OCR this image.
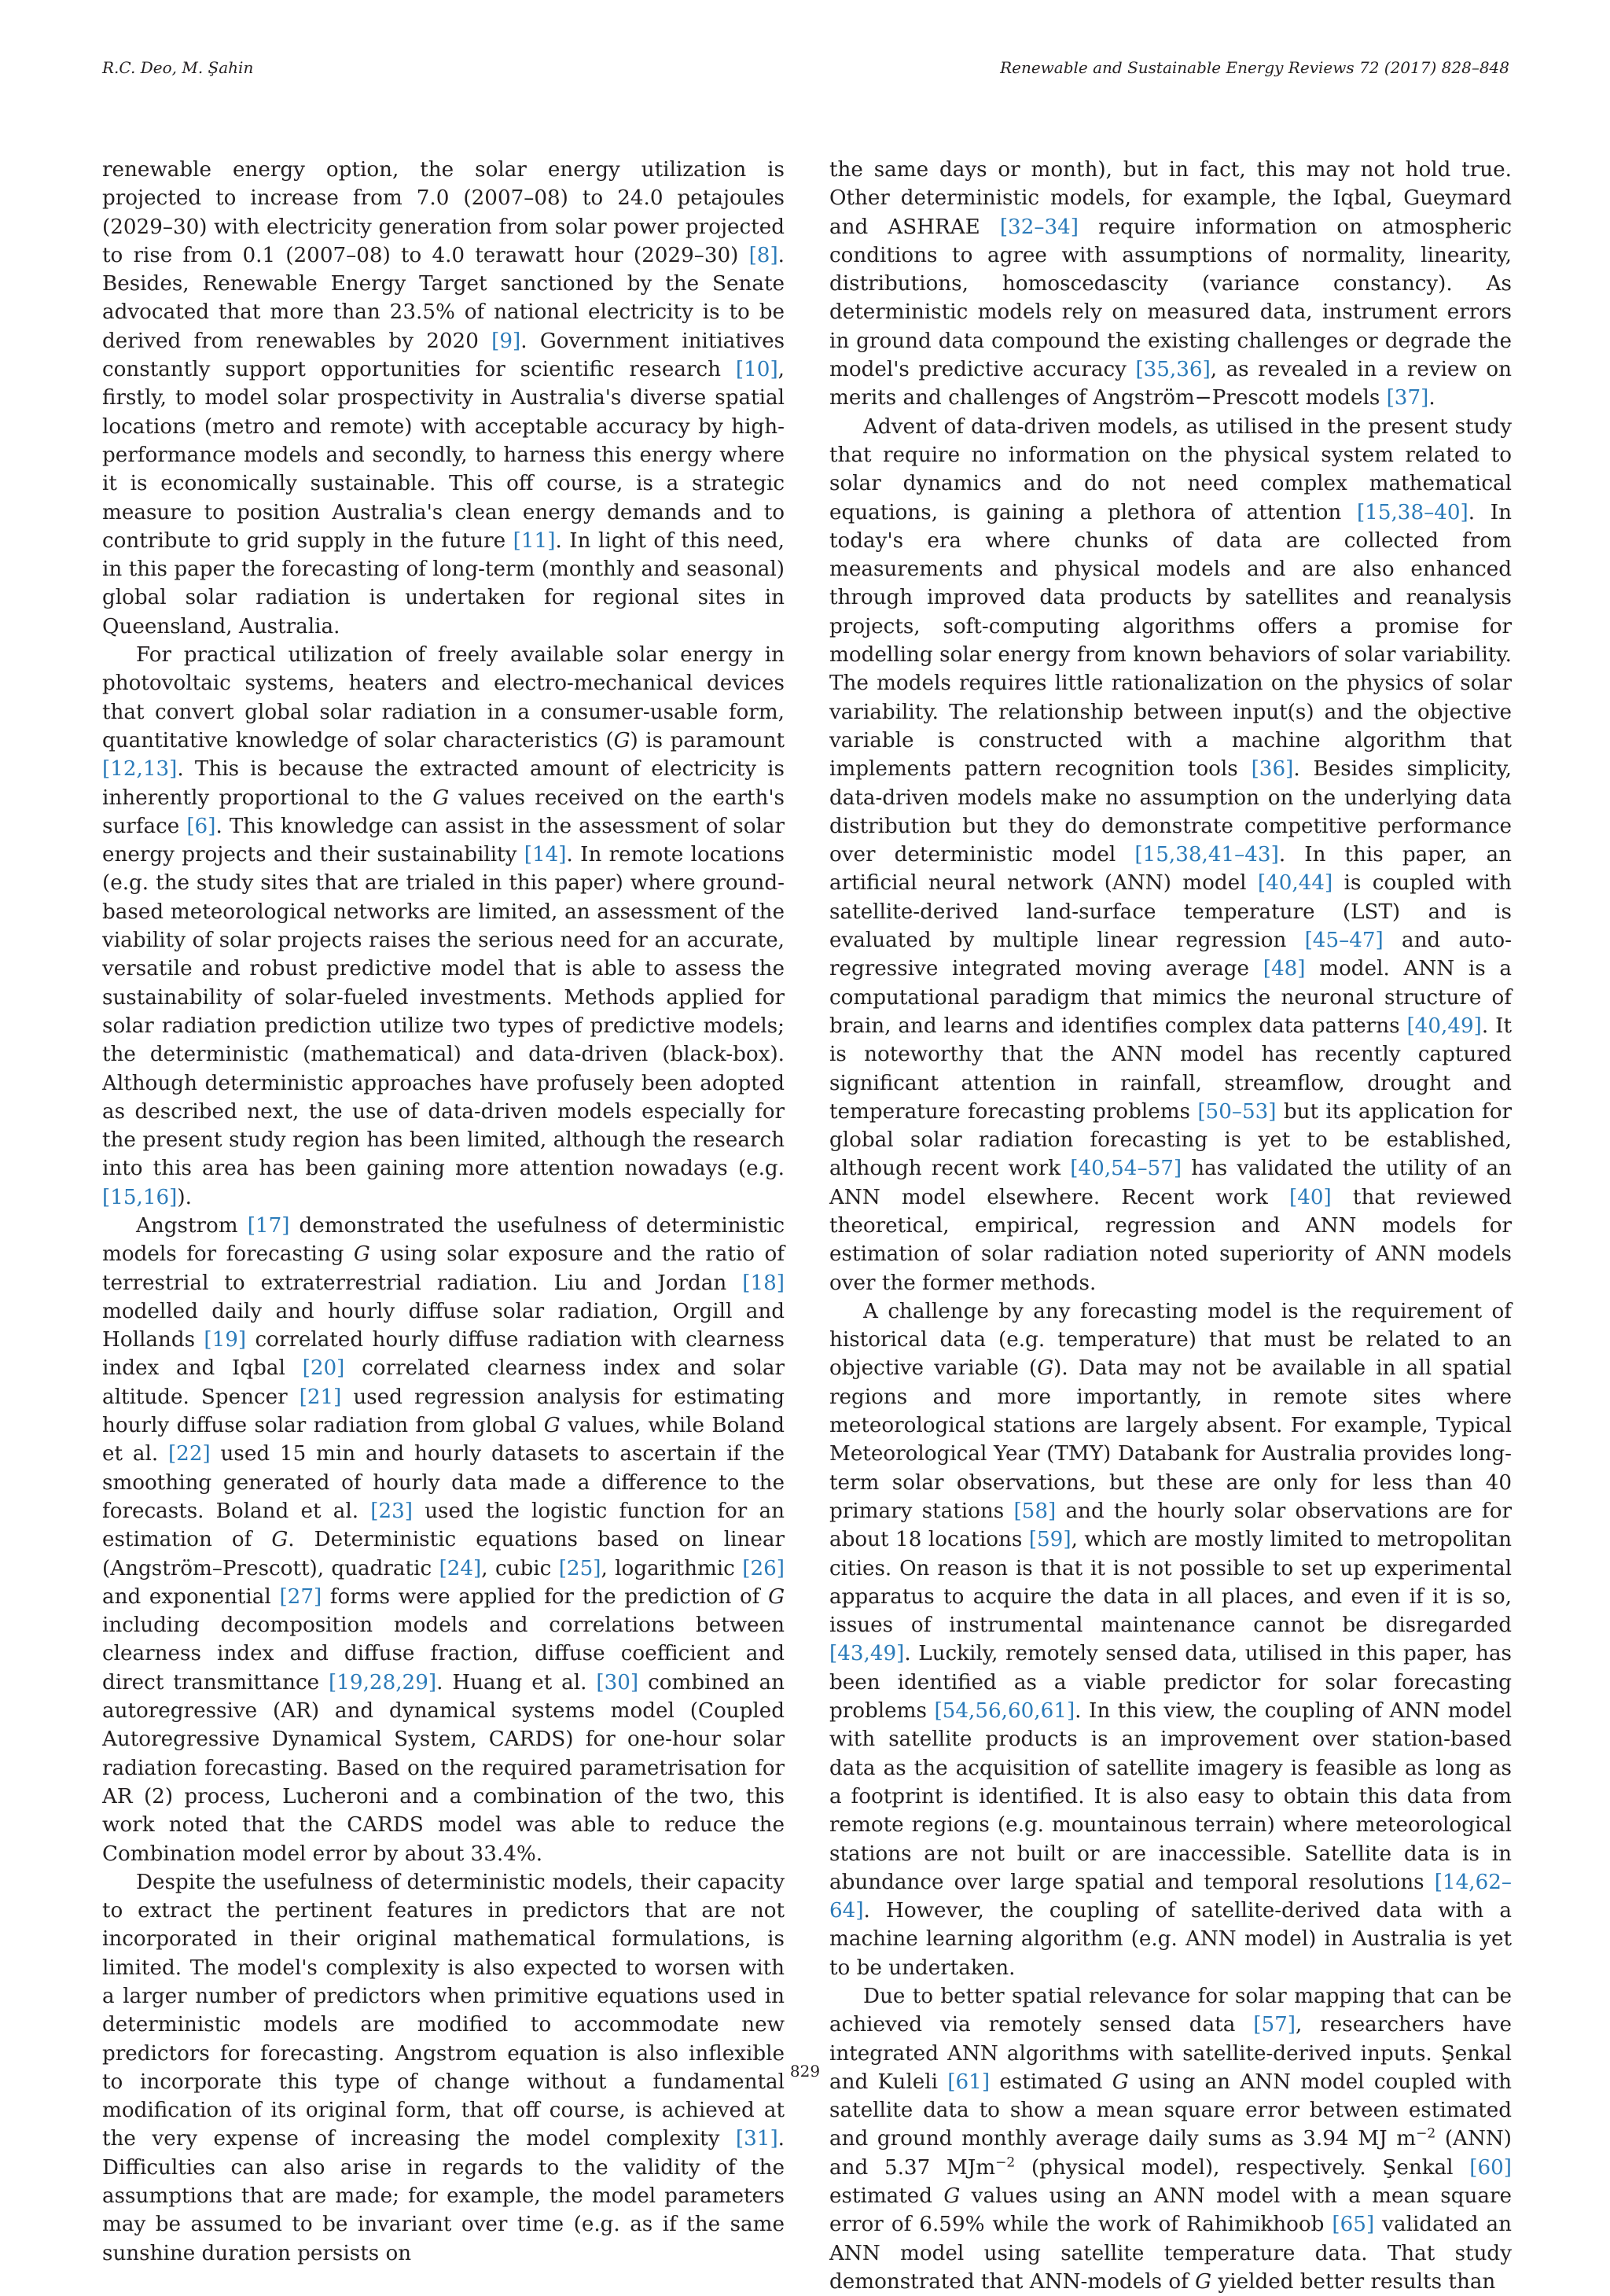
R.C. Deo, M. Şahin	Renewable and Sustainable Energy Reviews 72 (2017) 828–848

renewable energy option, the solar energy utilization is projected to increase from 7.0 (2007–08) to 24.0 petajoules (2029–30) with electricity generation from solar power projected to rise from 0.1 (2007–08) to 4.0 terawatt hour (2029–30) [8]. Besides, Renewable Energy Target sanctioned by the Senate advocated that more than 23.5% of national electricity is to be derived from renewables by 2020 [9]. Government initiatives constantly support opportunities for scientific research [10], firstly, to model solar prospectivity in Australia's diverse spatial locations (metro and remote) with acceptable accuracy by high-performance models and secondly, to harness this energy where it is economically sustainable. This off course, is a strategic measure to position Australia's clean energy demands and to contribute to grid supply in the future [11]. In light of this need, in this paper the forecasting of long-term (monthly and seasonal) global solar radiation is undertaken for regional sites in Queensland, Australia.

For practical utilization of freely available solar energy in photovoltaic systems, heaters and electro-mechanical devices that convert global solar radiation in a consumer-usable form, quantitative knowledge of solar characteristics (G) is paramount [12,13]. This is because the extracted amount of electricity is inherently proportional to the G values received on the earth's surface [6]. This knowledge can assist in the assessment of solar energy projects and their sustainability [14]. In remote locations (e.g. the study sites that are trialed in this paper) where ground-based meteorological networks are limited, an assessment of the viability of solar projects raises the serious need for an accurate, versatile and robust predictive model that is able to assess the sustainability of solar-fueled investments. Methods applied for solar radiation prediction utilize two types of predictive models; the deterministic (mathematical) and data-driven (black-box). Although deterministic approaches have profusely been adopted as described next, the use of data-driven models especially for the present study region has been limited, although the research into this area has been gaining more attention nowadays (e.g. [15,16]).

Angstrom [17] demonstrated the usefulness of deterministic models for forecasting G using solar exposure and the ratio of terrestrial to extraterrestrial radiation. Liu and Jordan [18] modelled daily and hourly diffuse solar radiation, Orgill and Hollands [19] correlated hourly diffuse radiation with clearness index and Iqbal [20] correlated clearness index and solar altitude. Spencer [21] used regression analysis for estimating hourly diffuse solar radiation from global G values, while Boland et al. [22] used 15 min and hourly datasets to ascertain if the smoothing generated of hourly data made a difference to the forecasts. Boland et al. [23] used the logistic function for an estimation of G. Deterministic equations based on linear (Angström–Prescott), quadratic [24], cubic [25], logarithmic [26] and exponential [27] forms were applied for the prediction of G including decomposition models and correlations between clearness index and diffuse fraction, diffuse coefficient and direct transmittance [19,28,29]. Huang et al. [30] combined an autoregressive (AR) and dynamical systems model (Coupled Autoregressive Dynamical System, CARDS) for one-hour solar radiation forecasting. Based on the required parametrisation for AR (2) process, Lucheroni and a combination of the two, this work noted that the CARDS model was able to reduce the Combination model error by about 33.4%.

Despite the usefulness of deterministic models, their capacity to extract the pertinent features in predictors that are not incorporated in their original mathematical formulations, is limited. The model's complexity is also expected to worsen with a larger number of predictors when primitive equations used in deterministic models are modified to accommodate new predictors for forecasting. Angstrom equation is also inflexible to incorporate this type of change without a fundamental modification of its original form, that off course, is achieved at the very expense of increasing the model complexity [31]. Difficulties can also arise in regards to the validity of the assumptions that are made; for example, the model parameters may be assumed to be invariant over time (e.g. as if the same sunshine duration persists on

the same days or month), but in fact, this may not hold true. Other deterministic models, for example, the Iqbal, Gueymard and ASHRAE [32–34] require information on atmospheric conditions to agree with assumptions of normality, linearity, distributions, homoscedascity (variance constancy). As deterministic models rely on measured data, instrument errors in ground data compound the existing challenges or degrade the model's predictive accuracy [35,36], as revealed in a review on merits and challenges of Angström−Prescott models [37].

Advent of data-driven models, as utilised in the present study that require no information on the physical system related to solar dynamics and do not need complex mathematical equations, is gaining a plethora of attention [15,38–40]. In today's era where chunks of data are collected from measurements and physical models and are also enhanced through improved data products by satellites and reanalysis projects, soft-computing algorithms offers a promise for modelling solar energy from known behaviors of solar variability. The models requires little rationalization on the physics of solar variability. The relationship between input(s) and the objective variable is constructed with a machine algorithm that implements pattern recognition tools [36]. Besides simplicity, data-driven models make no assumption on the underlying data distribution but they do demonstrate competitive performance over deterministic model [15,38,41–43]. In this paper, an artificial neural network (ANN) model [40,44] is coupled with satellite-derived land-surface temperature (LST) and is evaluated by multiple linear regression [45–47] and auto-regressive integrated moving average [48] model. ANN is a computational paradigm that mimics the neuronal structure of brain, and learns and identifies complex data patterns [40,49]. It is noteworthy that the ANN model has recently captured significant attention in rainfall, streamflow, drought and temperature forecasting problems [50–53] but its application for global solar radiation forecasting is yet to be established, although recent work [40,54–57] has validated the utility of an ANN model elsewhere. Recent work [40] that reviewed theoretical, empirical, regression and ANN models for estimation of solar radiation noted superiority of ANN models over the former methods.

A challenge by any forecasting model is the requirement of historical data (e.g. temperature) that must be related to an objective variable (G). Data may not be available in all spatial regions and more importantly, in remote sites where meteorological stations are largely absent. For example, Typical Meteorological Year (TMY) Databank for Australia provides long-term solar observations, but these are only for less than 40 primary stations [58] and the hourly solar observations are for about 18 locations [59], which are mostly limited to metropolitan cities. On reason is that it is not possible to set up experimental apparatus to acquire the data in all places, and even if it is so, issues of instrumental maintenance cannot be disregarded [43,49]. Luckily, remotely sensed data, utilised in this paper, has been identified as a viable predictor for solar forecasting problems [54,56,60,61]. In this view, the coupling of ANN model with satellite products is an improvement over station-based data as the acquisition of satellite imagery is feasible as long as a footprint is identified. It is also easy to obtain this data from remote regions (e.g. mountainous terrain) where meteorological stations are not built or are inaccessible. Satellite data is in abundance over large spatial and temporal resolutions [14,62–64]. However, the coupling of satellite-derived data with a machine learning algorithm (e.g. ANN model) in Australia is yet to be undertaken.

Due to better spatial relevance for solar mapping that can be achieved via remotely sensed data [57], researchers have integrated ANN algorithms with satellite-derived inputs. Şenkal and Kuleli [61] estimated G using an ANN model coupled with satellite data to show a mean square error between estimated and ground monthly average daily sums as 3.94 MJ $m^{-2}$ (ANN) and 5.37 MJm$^{-2}$ (physical model), respectively. Şenkal [60] estimated G values using an ANN model with a mean square error of 6.59% while the work of Rahimikhoob [65] validated an ANN model using satellite temperature data. That study demonstrated that ANN-models of G yielded better results than

829
